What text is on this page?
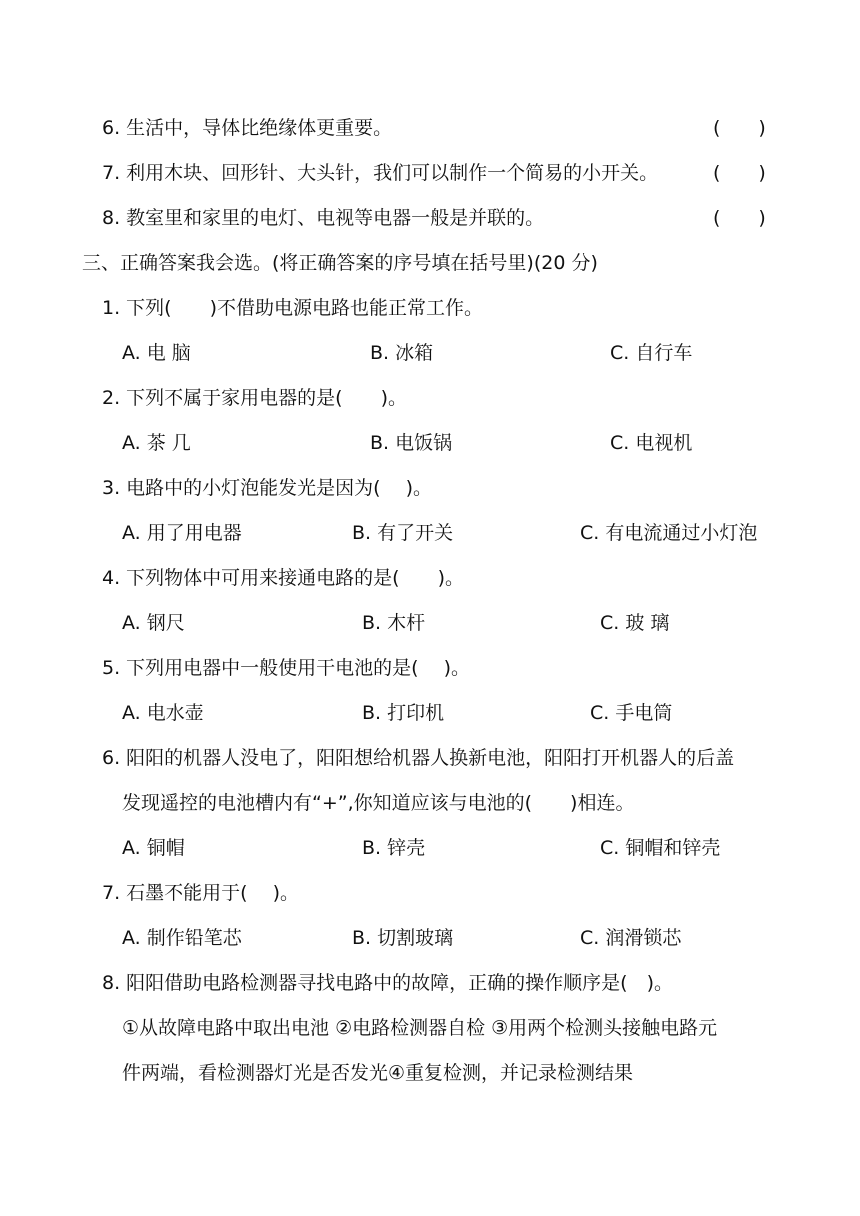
6. 生活中，导体比绝缘体更重要。	(　　)
7. 利用木块、回形针、大头针，我们可以制作一个简易的小开关。	(　　)
8. 教室里和家里的电灯、电视等电器一般是并联的。	(　　)
三、正确答案我会选。(将正确答案的序号填在括号里)(20 分)
1. 下列(　　)不借助电源电路也能正常工作。
A. 电 脑	B. 冰箱	C. 自行车
2. 下列不属于家用电器的是(　　)。
A. 茶 几	B. 电饭锅	C. 电视机
3. 电路中的小灯泡能发光是因为(　 )。
A. 用了用电器	B. 有了开关	C. 有电流通过小灯泡
4. 下列物体中可用来接通电路的是(　　)。
A. 钢尺	B. 木杆	C. 玻 璃
5. 下列用电器中一般使用干电池的是(　 )。
A. 电水壶	B. 打印机	C. 手电筒
6. 阳阳的机器人没电了，阳阳想给机器人换新电池，阳阳打开机器人的后盖
发现遥控的电池槽内有“+”,你知道应该与电池的(　　)相连。
A. 铜帽	B. 锌壳	C. 铜帽和锌壳
7. 石墨不能用于(　 )。
A. 制作铅笔芯	B. 切割玻璃	C. 润滑锁芯
8. 阳阳借助电路检测器寻找电路中的故障，正确的操作顺序是(　)。
①从故障电路中取出电池 ②电路检测器自检 ③用两个检测头接触电路元
件两端，看检测器灯光是否发光④重复检测，并记录检测结果
